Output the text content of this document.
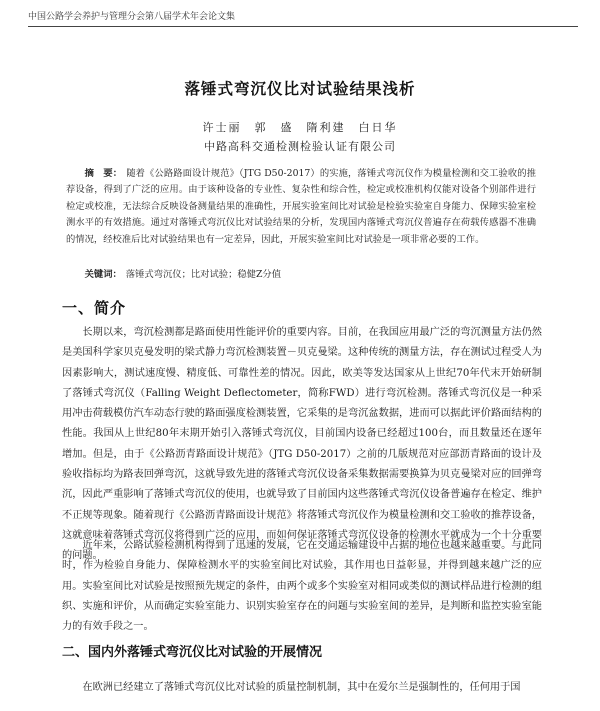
中国公路学会养护与管理分会第八届学术年会论文集
落锤式弯沉仪比对试验结果浅析
许士丽　郭　盛　隋利建　白日华
中路高科交通检测检验认证有限公司

摘　要： 随着《公路路面设计规范》（JTG D50-2017）的实施，落锤式弯沉仪作为模量检测和交工验收的推荐设备，得到了广泛的应用。由于该种设备的专业性、复杂性和综合性，检定或校准机构仅能对设备个别部件进行检定或校准，无法综合反映设备测量结果的准确性，开展实验室间比对试验是检验实验室自身能力、保障实验室检测水平的有效措施。通过对落锤式弯沉仪比对试验结果的分析，发现国内落锤式弯沉仪普遍存在荷载传感器不准确的情况，经校准后比对试验结果也有一定差异，因此，开展实验室间比对试验是一项非常必要的工作。

关键词： 落锤式弯沉仪；比对试验；稳健Z分值

一、简介

长期以来，弯沉检测都是路面使用性能评价的重要内容。目前，在我国应用最广泛的弯沉测量方法仍然是美国科学家贝克曼发明的梁式静力弯沉检测装置－贝克曼梁。这种传统的测量方法，存在测试过程受人为因素影响大，测试速度慢、精度低、可靠性差的情况。因此，欧美等发达国家从上世纪70年代末开始研制了落锤式弯沉仪（Falling Weight Deflectometer，简称FWD）进行弯沉检测。落锤式弯沉仪是一种采用冲击荷载模仿汽车动态行驶的路面强度检测装置，它采集的是弯沉盆数据，进而可以据此评价路面结构的性能。我国从上世纪80年末期开始引入落锤式弯沉仪，目前国内设备已经超过100台，而且数量还在逐年增加。但是，由于《公路沥青路面设计规范》（JTG D50-2017）之前的几版规范对应部沥青路面的设计及验收指标均为路表回弹弯沉，这就导致先进的落锤式弯沉仪设备采集数据需要换算为贝克曼梁对应的回弹弯沉，因此严重影响了落锤式弯沉仪的使用，也就导致了目前国内这些落锤式弯沉仪设备普遍存在检定、维护不正规等现象。随着现行《公路沥青路面设计规范》将落锤式弯沉仪作为模量检测和交工验收的推荐设备，这就意味着落锤式弯沉仪将得到广泛的应用，而如何保证落锤式弯沉仪设备的检测水平就成为一个十分重要的问题。

近年来，公路试验检测机构得到了迅速的发展，它在交通运输建设中占据的地位也越来越重要。与此同时，作为检验自身能力、保障检测水平的实验室间比对试验，其作用也日益彰显，并得到越来越广泛的应用。实验室间比对试验是按照预先规定的条件，由两个或多个实验室对相同或类似的测试样品进行检测的组织、实施和评价，从而确定实验室能力、识别实验室存在的问题与实验室间的差异，是判断和监控实验室能力的有效手段之一。

二、国内外落锤式弯沉仪比对试验的开展情况

在欧洲已经建立了落锤式弯沉仪比对试验的质量控制机制，其中在爱尔兰是强制性的，任何用于国
